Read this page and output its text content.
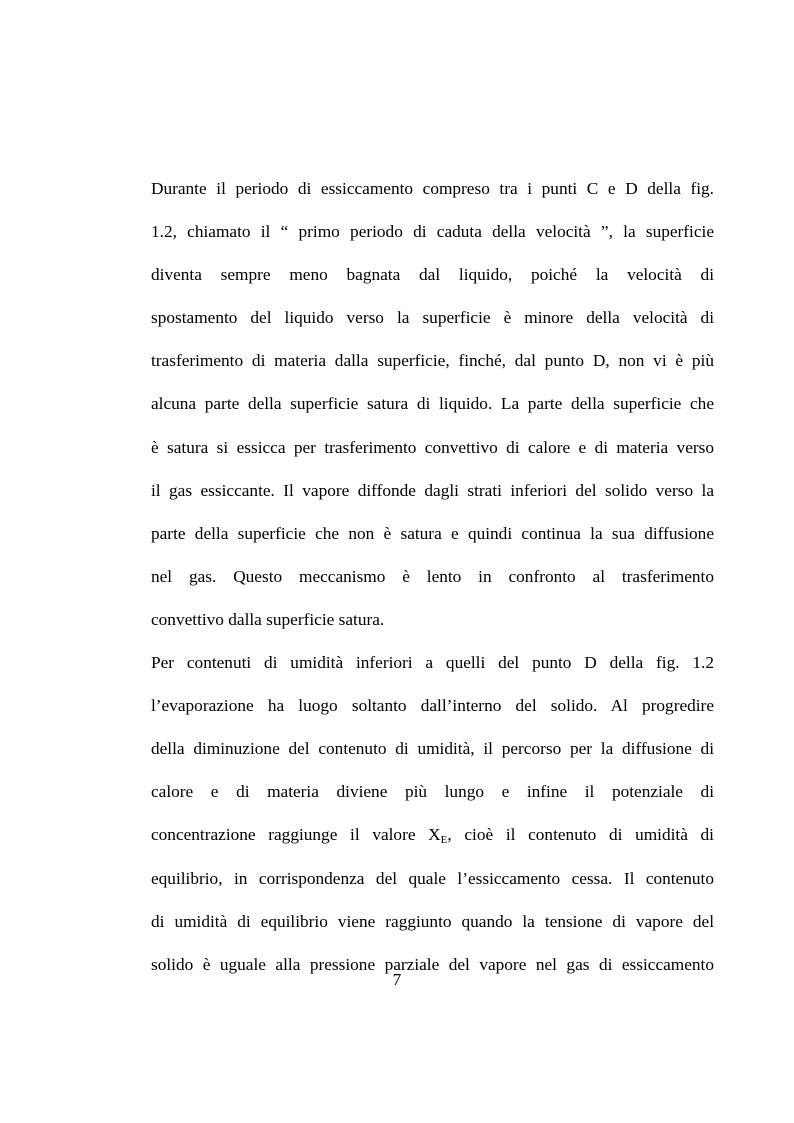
Durante il periodo di essiccamento compreso tra i punti C e D della fig.
1.2, chiamato il “ primo periodo di caduta della velocità ”, la superficie
diventa sempre meno bagnata dal liquido, poiché la velocità di
spostamento del liquido verso la superficie è minore della velocità di
trasferimento di materia dalla superficie, finché, dal punto D, non vi è più
alcuna parte della superficie satura di liquido. La parte della superficie che
è satura si essicca per trasferimento convettivo di calore e di materia verso
il gas essiccante. Il vapore diffonde dagli strati inferiori del solido verso la
parte della superficie che non è satura e quindi continua la sua diffusione
nel gas. Questo meccanismo è lento in confronto al trasferimento
convettivo dalla superficie satura.
Per contenuti di umidità inferiori a quelli del punto D della fig. 1.2
l’evaporazione ha luogo soltanto dall’interno del solido. Al progredire
della diminuzione del contenuto di umidità, il percorso per la diffusione di
calore e di materia diviene più lungo e infine il potenziale di
concentrazione raggiunge il valore $X_E$, cioè il contenuto di umidità di
equilibrio, in corrispondenza del quale l’essiccamento cessa. Il contenuto
di umidità di equilibrio viene raggiunto quando la tensione di vapore del
solido è uguale alla pressione parziale del vapore nel gas di essiccamento
7
